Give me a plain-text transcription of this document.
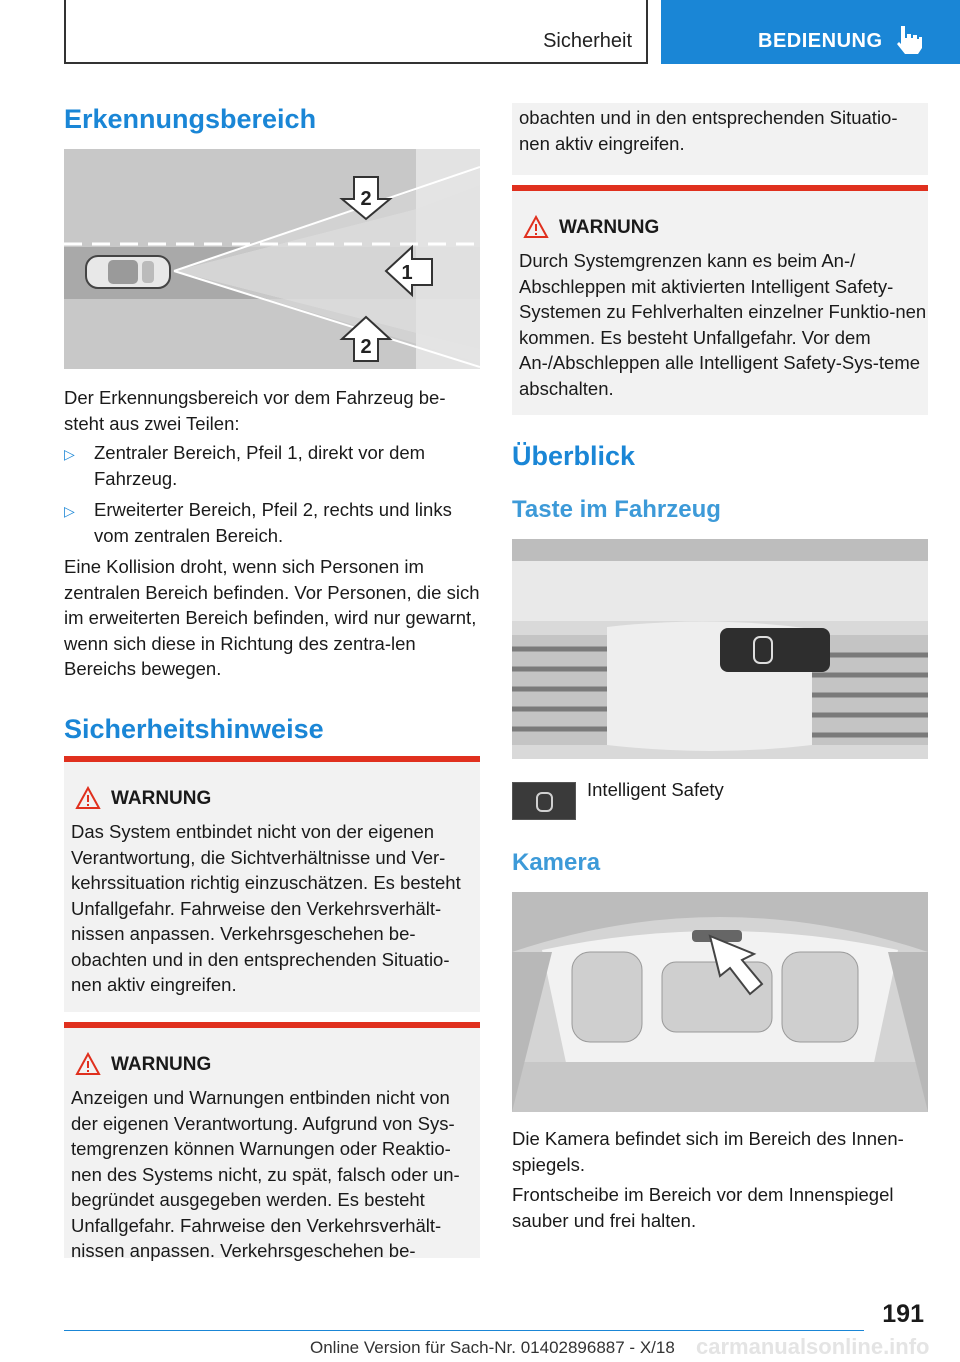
Sicherheit	BEDIENUNG
Erkennungsbereich
2
1
2
Der Erkennungsbereich vor dem Fahrzeug be-steht aus zwei Teilen:
▷ Zentraler Bereich, Pfeil 1, direkt vor dem Fahrzeug.
▷ Erweiterter Bereich, Pfeil 2, rechts und links vom zentralen Bereich.
Eine Kollision droht, wenn sich Personen im zentralen Bereich befinden. Vor Personen, die sich im erweiterten Bereich befinden, wird nur gewarnt, wenn sich diese in Richtung des zentra-len Bereichs bewegen.
Sicherheitshinweise
WARNUNG
Das System entbindet nicht von der eigenen Verantwortung, die Sichtverhältnisse und Ver-kehrssituation richtig einzuschätzen. Es besteht Unfallgefahr. Fahrweise den Verkehrsverhält-nissen anpassen. Verkehrsgeschehen be-obachten und in den entsprechenden Situatio-nen aktiv eingreifen.
WARNUNG
Anzeigen und Warnungen entbinden nicht von der eigenen Verantwortung. Aufgrund von Sys-temgrenzen können Warnungen oder Reaktio-nen des Systems nicht, zu spät, falsch oder un-begründet ausgegeben werden. Es besteht Unfallgefahr. Fahrweise den Verkehrsverhält-nissen anpassen. Verkehrsgeschehen be-
obachten und in den entsprechenden Situatio-nen aktiv eingreifen.
WARNUNG
Durch Systemgrenzen kann es beim An-/ Abschleppen mit aktivierten Intelligent Safety-Systemen zu Fehlverhalten einzelner Funktio-nen kommen. Es besteht Unfallgefahr. Vor dem An-/Abschleppen alle Intelligent Safety-Sys-teme abschalten.
Überblick
Taste im Fahrzeug
Intelligent Safety
Kamera
Die Kamera befindet sich im Bereich des Innen-spiegels.
Frontscheibe im Bereich vor dem Innenspiegel sauber und frei halten.
191
Online Version für Sach-Nr. 01402896887 - X/18 carmanualsonline.info
